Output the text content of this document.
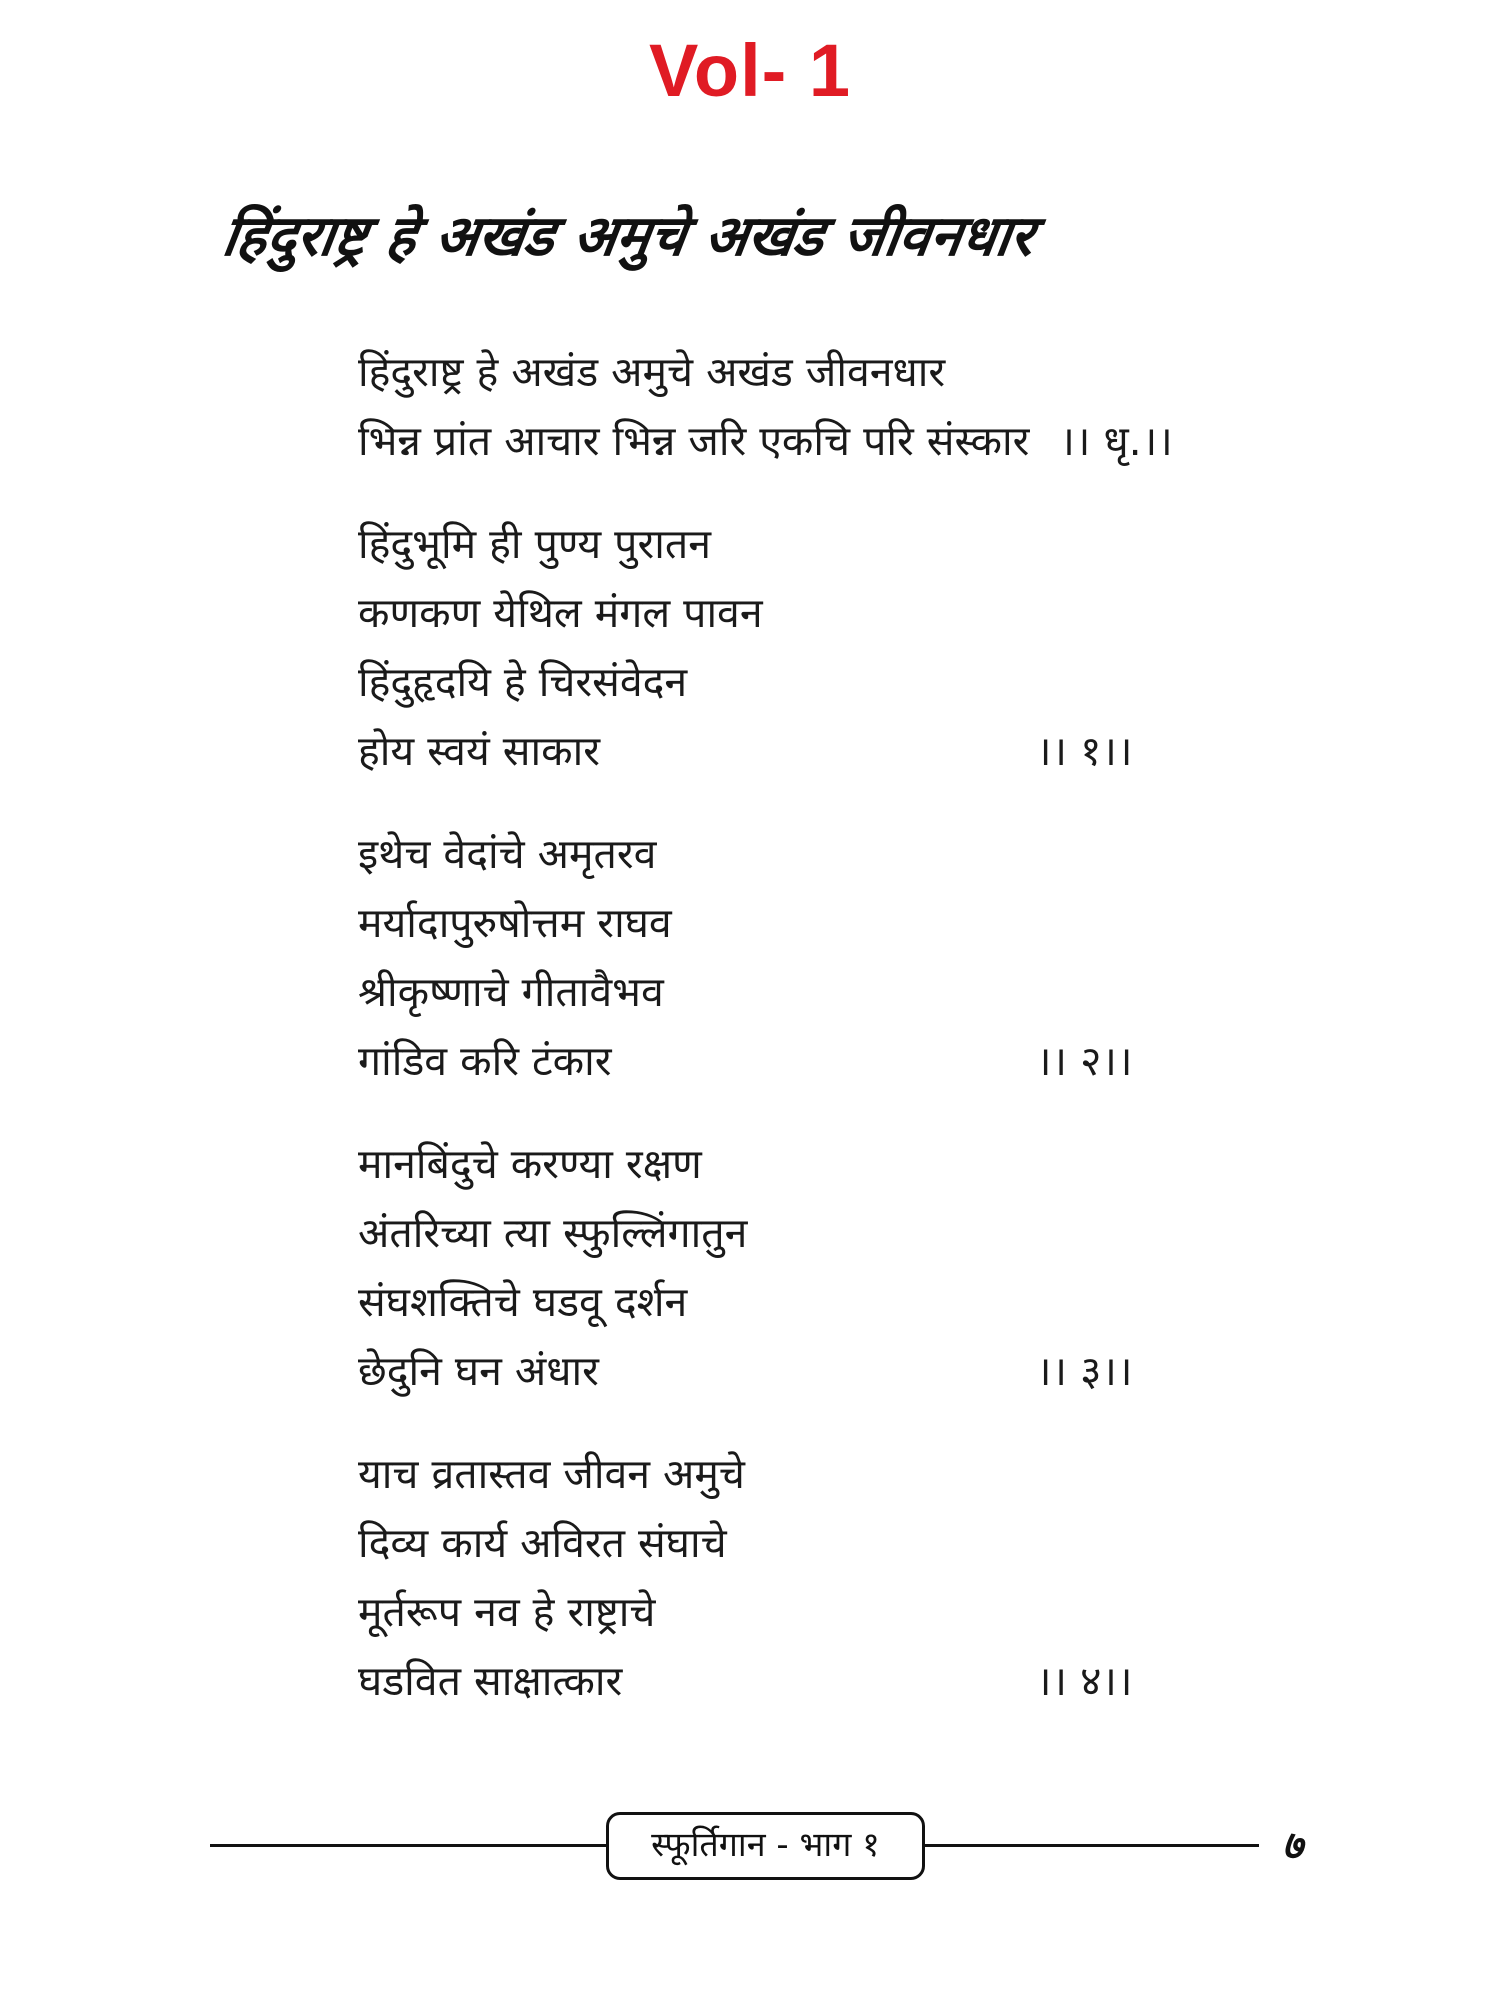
Vol- 1
हिंदुराष्ट्र हे अखंड अमुचे अखंड जीवनधार
हिंदुराष्ट्र हे अखंड अमुचे अखंड जीवनधार
भिन्न प्रांत आचार भिन्न जरि एकचि परि संस्कार ।। धृ.।।
हिंदुभूमि ही पुण्य पुरातन
कणकण येथिल मंगल पावन
हिंदुहृदयि हे चिरसंवेदन
होय स्वयं साकार	।। १।।
इथेच वेदांचे अमृतरव
मर्यादापुरुषोत्तम राघव
श्रीकृष्णाचे गीतावैभव
गांडिव करि टंकार	।। २।।
मानबिंदुचे करण्या रक्षण
अंतरिच्या त्या स्फुल्लिंगातुन
संघशक्तिचे घडवू दर्शन
छेदुनि घन अंधार	।। ३।।
याच व्रतास्तव जीवन अमुचे
दिव्य कार्य अविरत संघाचे
मूर्तरूप नव हे राष्ट्राचे
घडवित साक्षात्कार	।। ४।।
स्फूर्तिगान - भाग १	७
